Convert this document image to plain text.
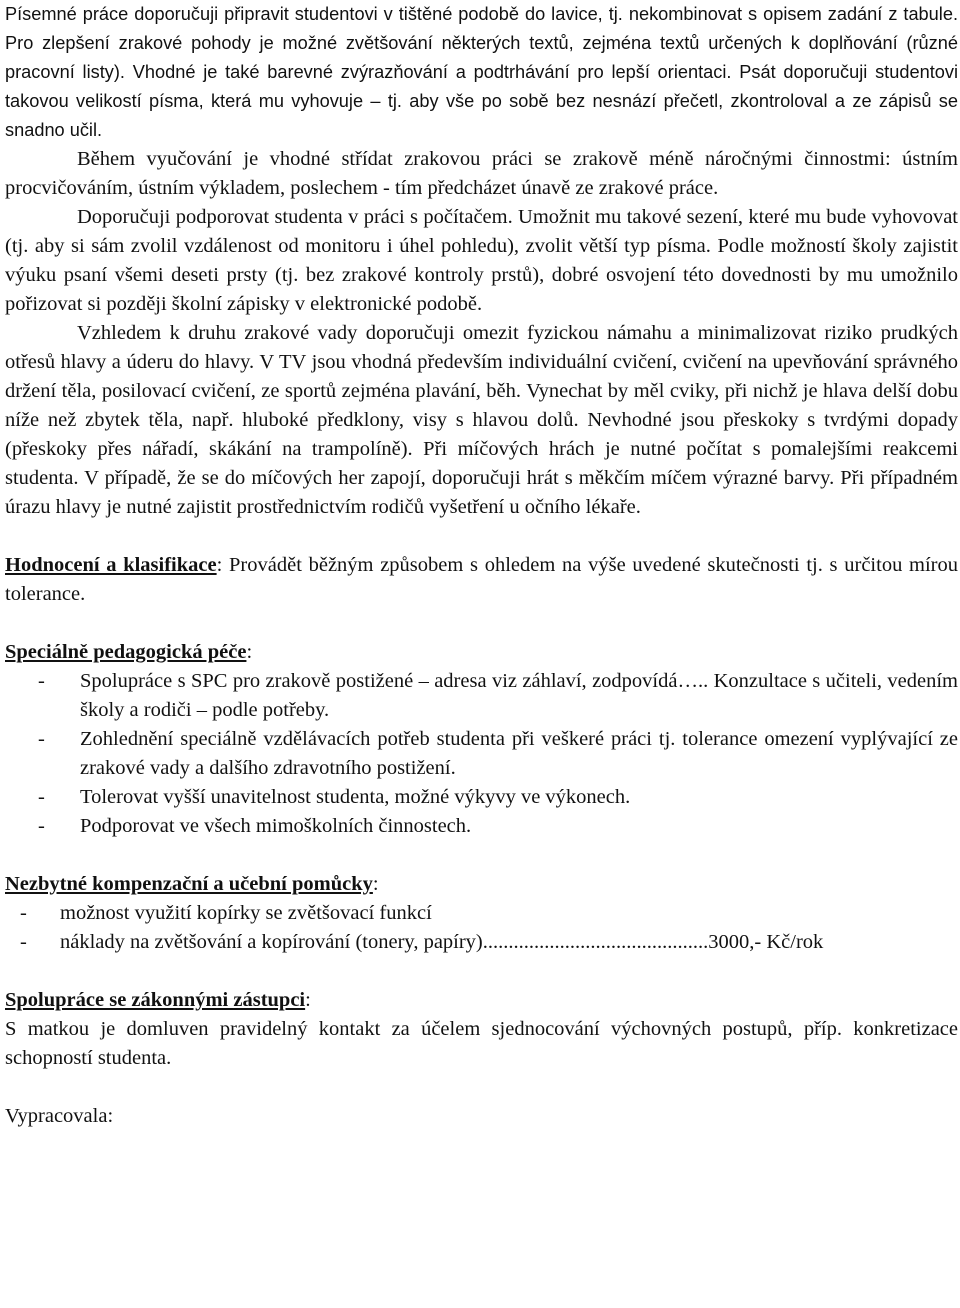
Písemné práce doporučuji připravit studentovi v tištěné podobě do lavice, tj. nekombinovat s opisem zadání z tabule. Pro zlepšení zrakové pohody je možné zvětšování některých textů, zejména textů určených k doplňování (různé pracovní listy). Vhodné je také barevné zvýrazňování a podtrhávání pro lepší orientaci. Psát doporučuji studentovi takovou velikostí písma, která mu vyhovuje – tj. aby vše po sobě bez nesnází přečetl, zkontroloval a ze zápisů se snadno učil.

Během vyučování je vhodné střídat zrakovou práci se zrakově méně náročnými činnostmi: ústním procvičováním, ústním výkladem, poslechem - tím předcházet únavě ze zrakové práce.

Doporučuji podporovat studenta v práci s počítačem. Umožnit mu takové sezení, které mu bude vyhovovat (tj. aby si sám zvolil vzdálenost od monitoru i úhel pohledu), zvolit větší typ písma. Podle možností školy zajistit výuku psaní všemi deseti prsty (tj. bez zrakové kontroly prstů), dobré osvojení této dovednosti by mu umožnilo pořizovat si později školní zápisky v elektronické podobě.

Vzhledem k druhu zrakové vady doporučuji omezit fyzickou námahu a minimalizovat riziko prudkých otřesů hlavy a úderu do hlavy. V TV jsou vhodná především individuální cvičení, cvičení na upevňování správného držení těla, posilovací cvičení, ze sportů zejména plavání, běh. Vynechat by měl cviky, při nichž je hlava delší dobu níže než zbytek těla, např. hluboké předklony, visy s hlavou dolů. Nevhodné jsou přeskoky s tvrdými dopady (přeskoky přes nářadí, skákání na trampolíně). Při míčových hrách je nutné počítat s pomalejšími reakcemi studenta. V případě, že se do míčových her zapojí, doporučuji hrát s měkčím míčem výrazné barvy. Při případném úrazu hlavy je nutné zajistit prostřednictvím rodičů vyšetření u očního lékaře.

Hodnocení a klasifikace: Provádět běžným způsobem s ohledem na výše uvedené skutečnosti tj. s určitou mírou tolerance.

Speciálně pedagogická péče:

- Spolupráce s SPC pro zrakově postižené – adresa viz záhlaví, zodpovídá….. Konzultace s učiteli, vedením školy a rodiči – podle potřeby.
- Zohlednění speciálně vzdělávacích potřeb studenta při veškeré práci tj. tolerance omezení vyplývající ze zrakové vady a dalšího zdravotního postižení.
- Tolerovat vyšší unavitelnost studenta, možné výkyvy ve výkonech.
- Podporovat ve všech mimoškolních činnostech.

Nezbytné kompenzační a učební pomůcky:

- možnost využití kopírky se zvětšovací funkcí
- náklady na zvětšování a kopírování (tonery, papíry)............................................3000,- Kč/rok

Spolupráce se zákonnými zástupci:

S matkou je domluven pravidelný kontakt za účelem sjednocování výchovných postupů, příp. konkretizace schopností studenta.

Vypracovala:
